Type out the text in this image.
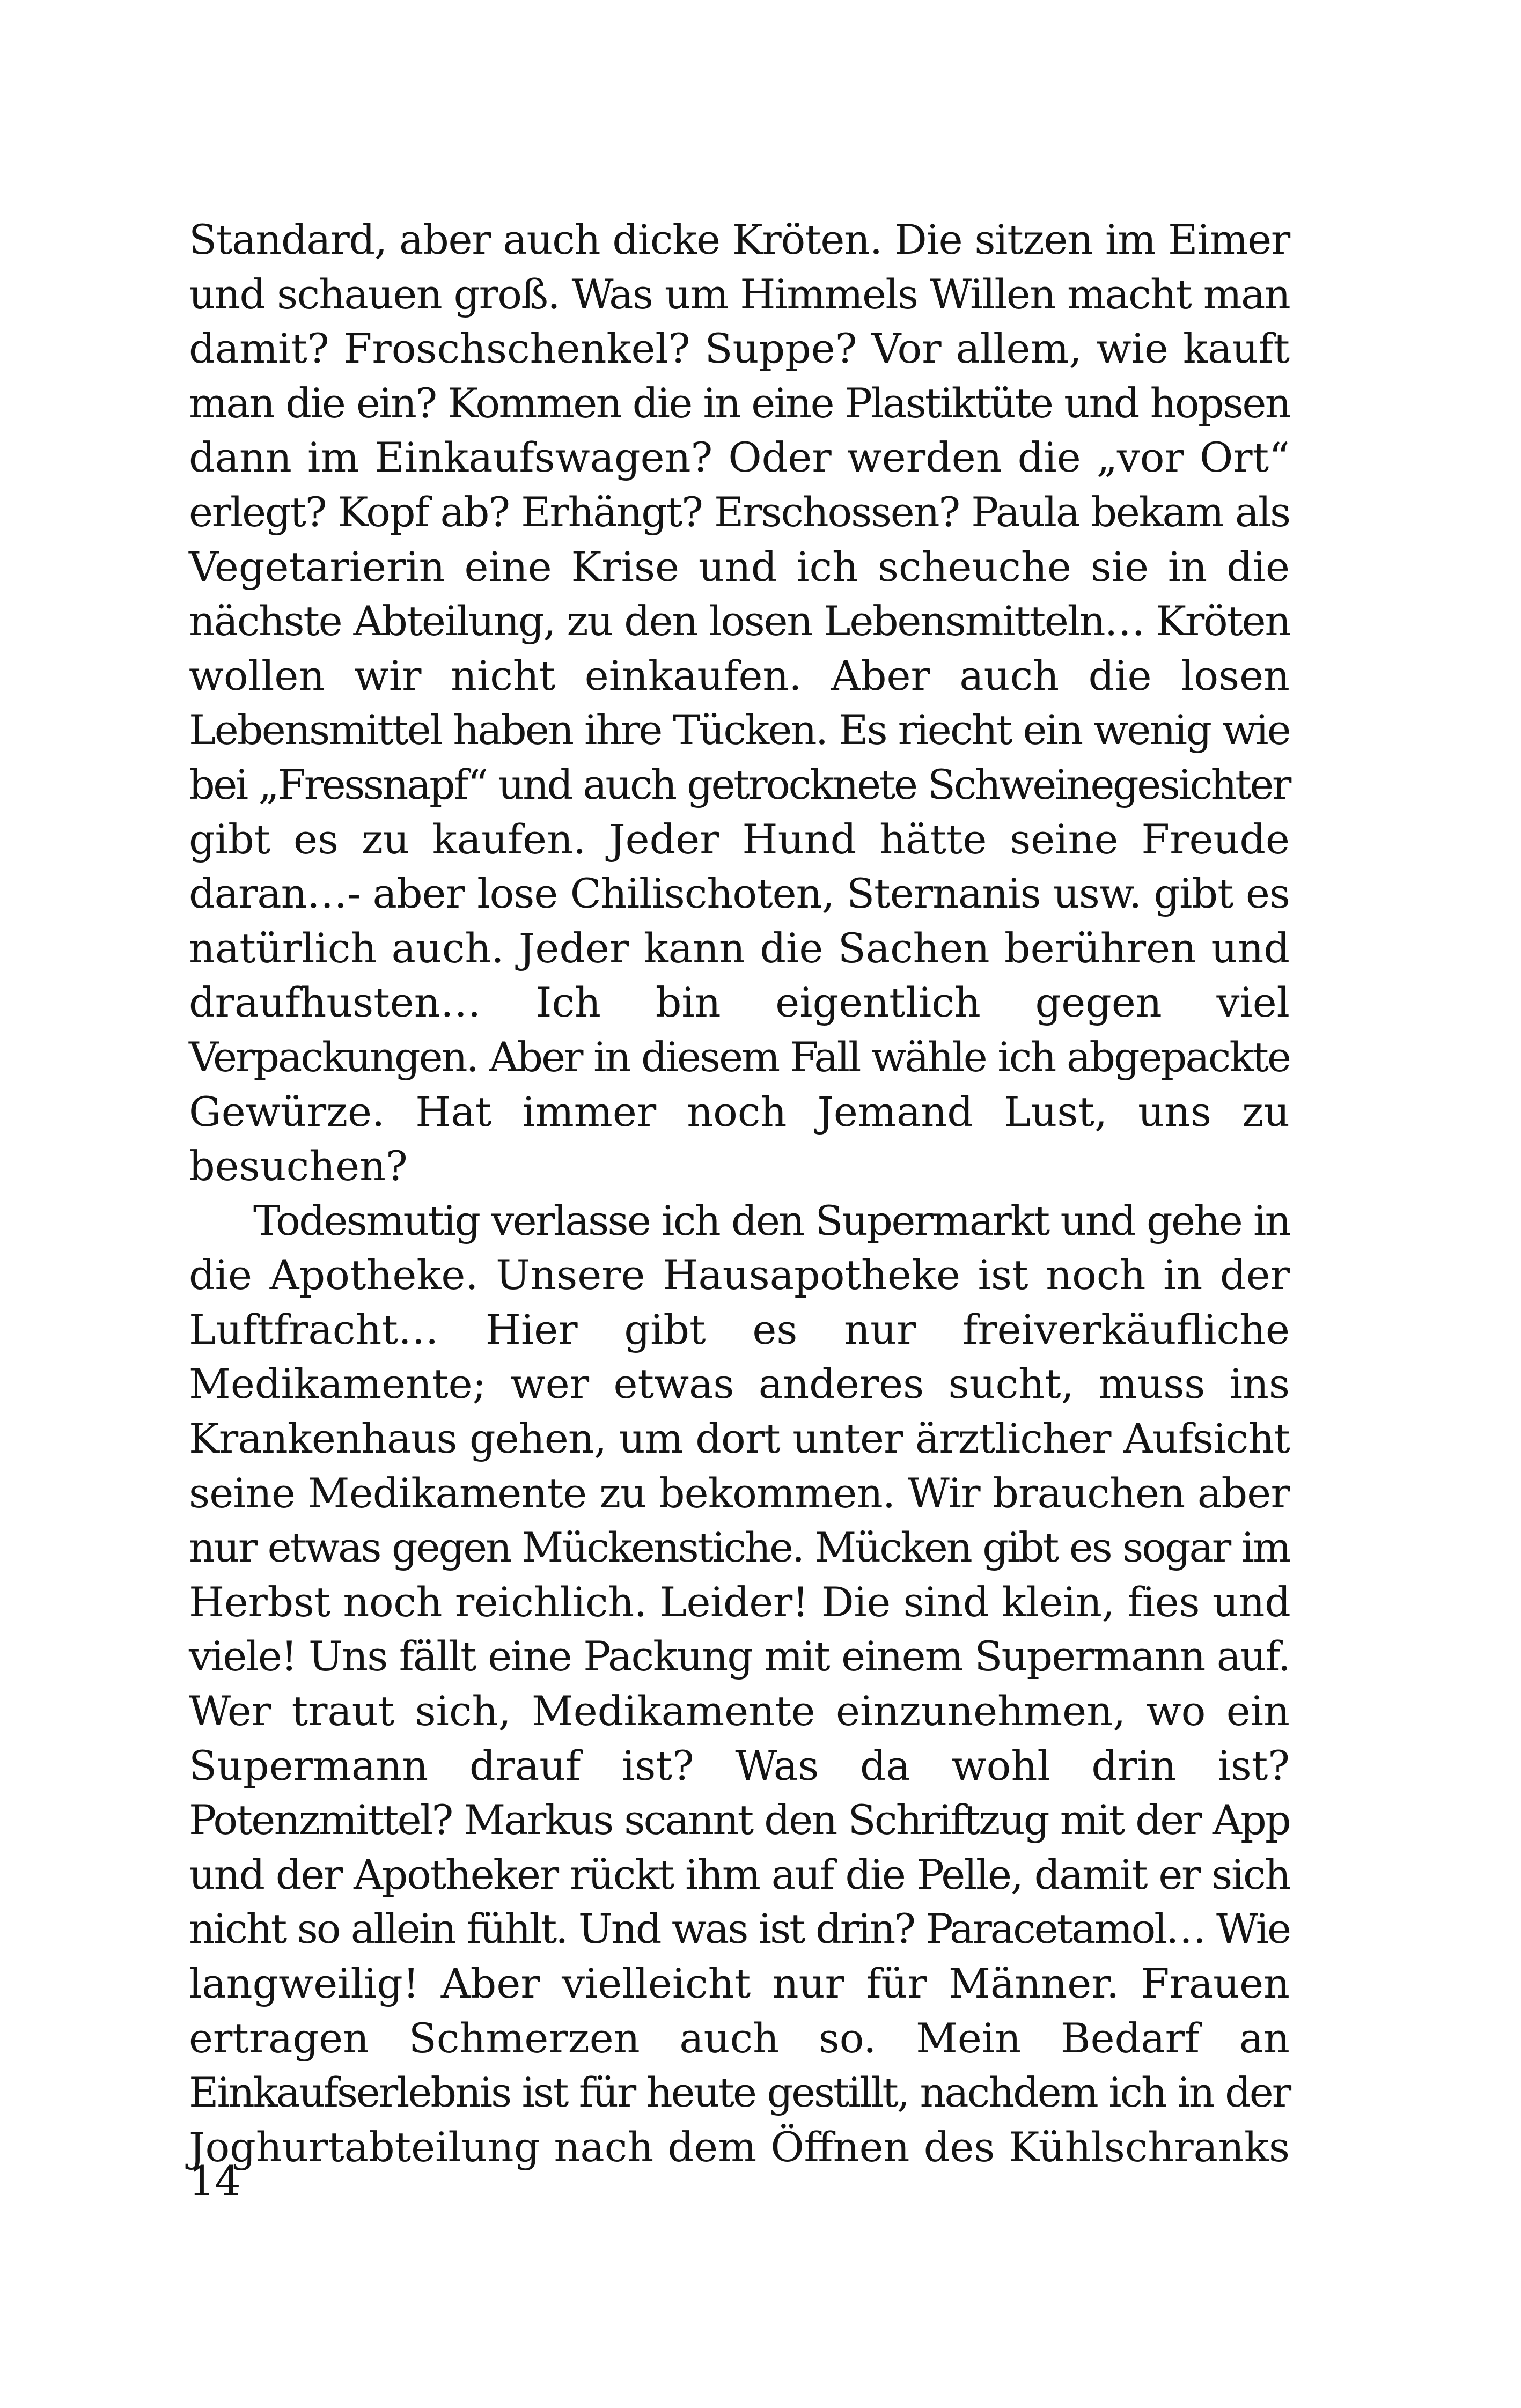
Standard, aber auch dicke Kröten. Die sitzen im Eimer
und schauen groß. Was um Himmels Willen macht man
damit? Froschschenkel? Suppe? Vor allem, wie kauft
man die ein? Kommen die in eine Plastiktüte und hopsen
dann im Einkaufswagen? Oder werden die „vor Ort“
erlegt? Kopf ab? Erhängt? Erschossen? Paula bekam als
Vegetarierin eine Krise und ich scheuche sie in die
nächste Abteilung, zu den losen Lebensmitteln… Kröten
wollen wir nicht einkaufen. Aber auch die losen
Lebensmittel haben ihre Tücken. Es riecht ein wenig wie
bei „Fressnapf“ und auch getrocknete Schweinegesichter
gibt es zu kaufen. Jeder Hund hätte seine Freude
daran…- aber lose Chilischoten, Sternanis usw. gibt es
natürlich auch. Jeder kann die Sachen berühren und
draufhusten… Ich bin eigentlich gegen viel
Verpackungen. Aber in diesem Fall wähle ich abgepackte
Gewürze. Hat immer noch Jemand Lust, uns zu
besuchen?
Todesmutig verlasse ich den Supermarkt und gehe in
die Apotheke. Unsere Hausapotheke ist noch in der
Luftfracht… Hier gibt es nur freiverkäufliche
Medikamente; wer etwas anderes sucht, muss ins
Krankenhaus gehen, um dort unter ärztlicher Aufsicht
seine Medikamente zu bekommen. Wir brauchen aber
nur etwas gegen Mückenstiche. Mücken gibt es sogar im
Herbst noch reichlich. Leider! Die sind klein, fies und
viele! Uns fällt eine Packung mit einem Supermann auf.
Wer traut sich, Medikamente einzunehmen, wo ein
Supermann drauf ist? Was da wohl drin ist?
Potenzmittel? Markus scannt den Schriftzug mit der App
und der Apotheker rückt ihm auf die Pelle, damit er sich
nicht so allein fühlt. Und was ist drin? Paracetamol… Wie
langweilig! Aber vielleicht nur für Männer. Frauen
ertragen Schmerzen auch so. Mein Bedarf an
Einkaufserlebnis ist für heute gestillt, nachdem ich in der
Joghurtabteilung nach dem Öffnen des Kühlschranks
14
